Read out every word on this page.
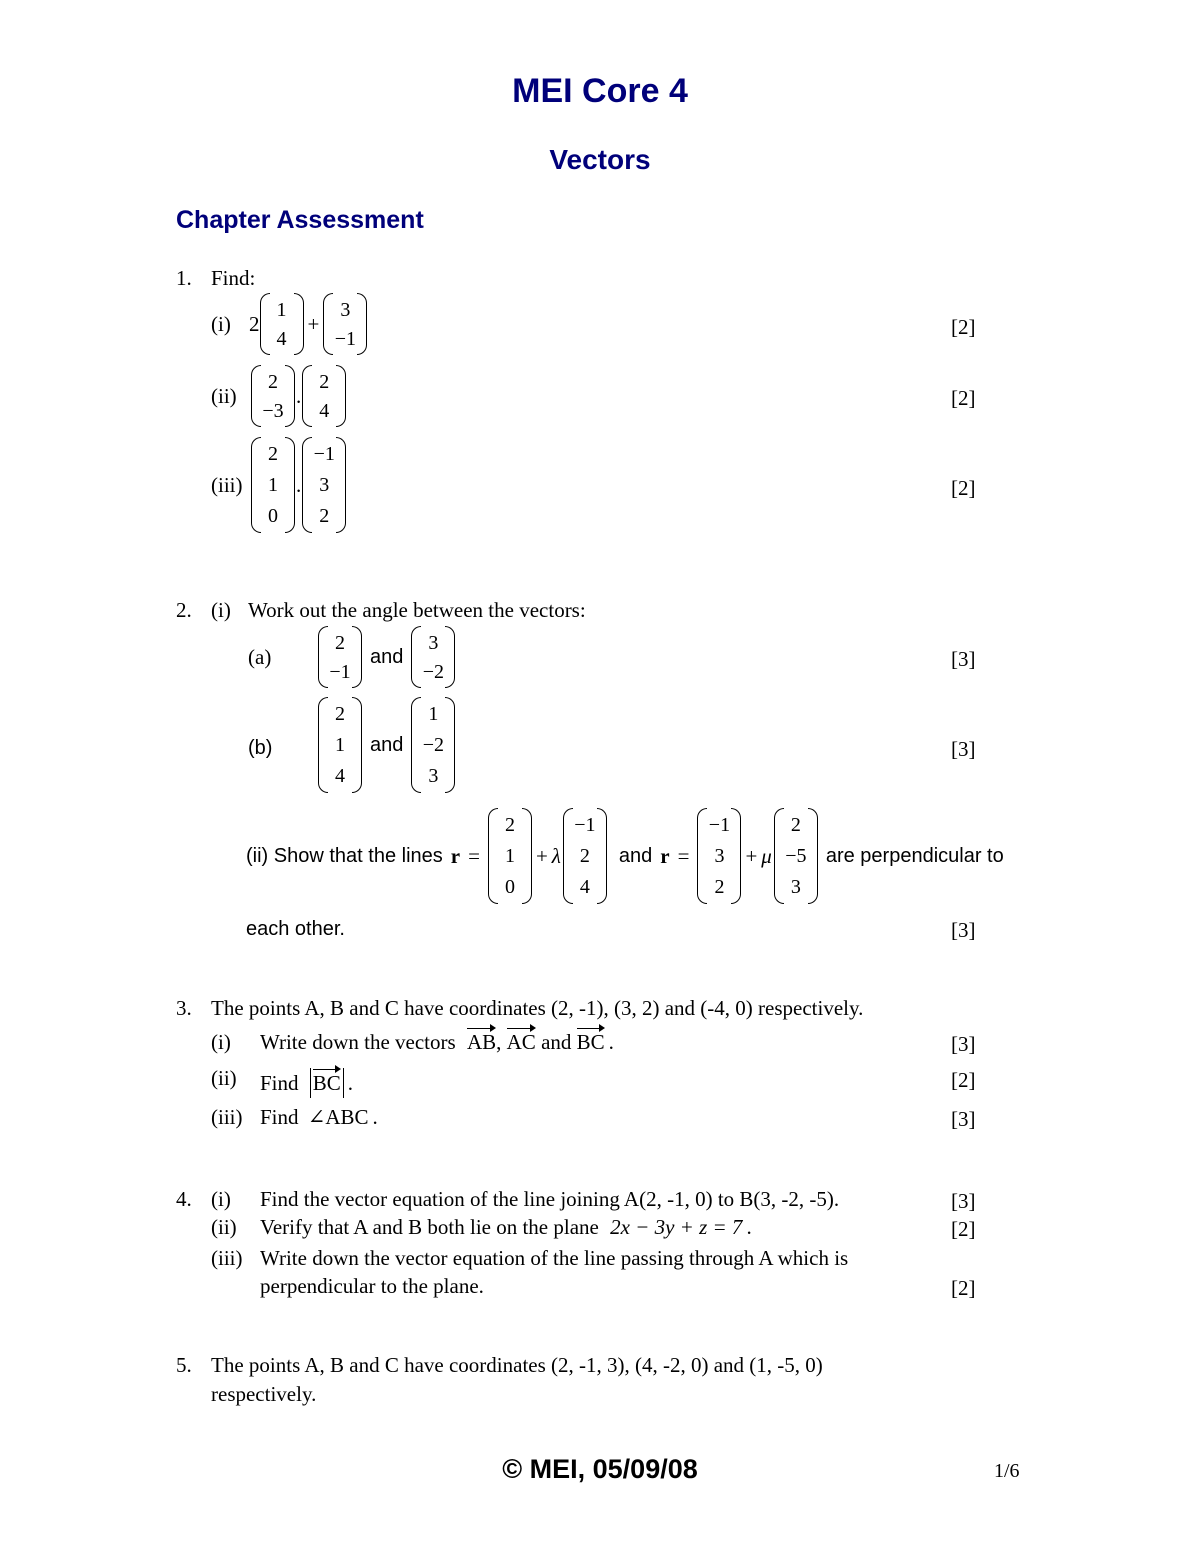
MEI Core 4
Vectors
Chapter Assessment
1. Find:
(i) 2
1
4
+
3
−1	[2]
(ii)
2
−3
.
2
4
[2]
(iii)
2
1
0
.
−1
3
2
[2]
2. (i) Work out the angle between the vectors:
(a)
2
−1
and
3
−2
[3]
(b)
2
1
4
and
1
−2
3
[3]
(ii) Show that the lines r =
2
1
0
+ λ
−1
2
4
and r =
−1
3
2
+ μ
2
−5
3
are perpendicular to
each other.	[3]
3. The points A, B and C have coordinates (2, -1), (3, 2) and (-4, 0) respectively.
(i) Write down the vectors AB, AC and BC .	[3]
(ii) Find BC .	[2]
(iii) Find ∠ABC .	[3]
4. (i) Find the vector equation of the line joining A(2, -1, 0) to B(3, -2, -5).	[3]
(ii) Verify that A and B both lie on the plane 2x − 3y + z = 7 .	[2]
(iii) Write down the vector equation of the line passing through A which is
perpendicular to the plane.	[2]
5. The points A, B and C have coordinates (2, -1, 3), (4, -2, 0) and (1, -5, 0)
respectively.
© MEI, 05/09/08	1/6
